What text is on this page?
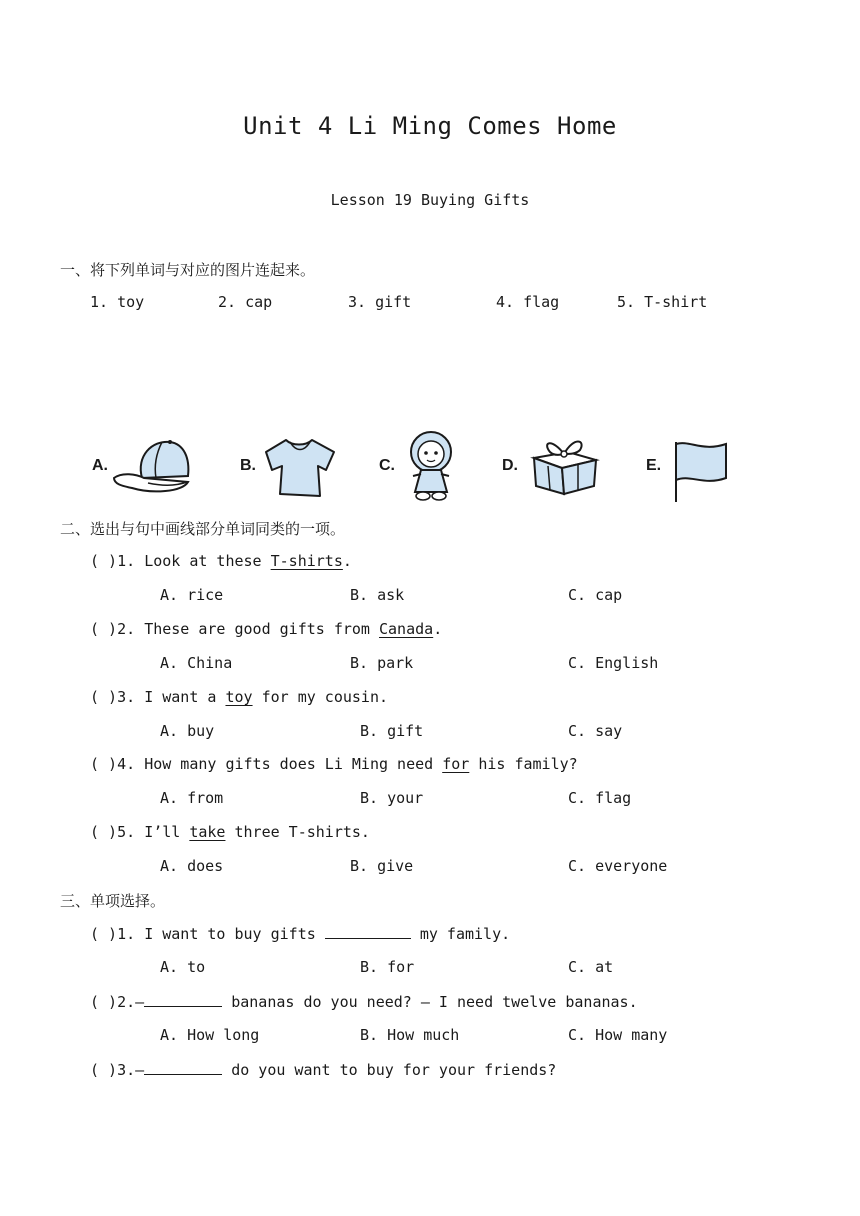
Unit 4 Li Ming Comes Home
Lesson 19 Buying Gifts
一、将下列单词与对应的图片连起来。
1. toy	2. cap	3. gift	4. flag	5. T-shirt
A.	B.	C.	D.	E.
二、选出与句中画线部分单词同类的一项。
( )1. Look at these T-shirts.
A. rice	B. ask	C. cap
( )2. These are good gifts from Canada.
A. China	B. park	C. English
( )3. I want a toy for my cousin.
A. buy	B. gift	C. say
( )4. How many gifts does Li Ming need for his family?
A. from	B. your	C. flag
( )5. I’ll take three T-shirts.
A. does	B. give	C. everyone
三、单项选择。
( )1. I want to buy gifts	my family.
A. to	B. for	C. at
( )2.—	bananas do you need? — I need twelve bananas.
A. How long	B. How much	C. How many
( )3.—	do you want to buy for your friends?
